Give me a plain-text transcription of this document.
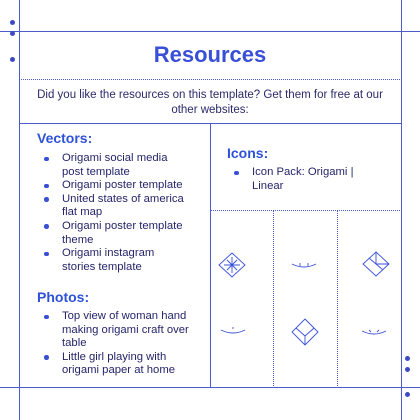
Resources
Did you like the resources on this template? Get them for free at our other websites:
Vectors:
Origami social media post template
Origami poster template
United states of america flat map
Origami poster template theme
Origami instagram stories template
Photos:
Top view of woman hand making origami craft over table
Little girl playing with origami paper at home
Icons:
Icon Pack: Origami | Linear
